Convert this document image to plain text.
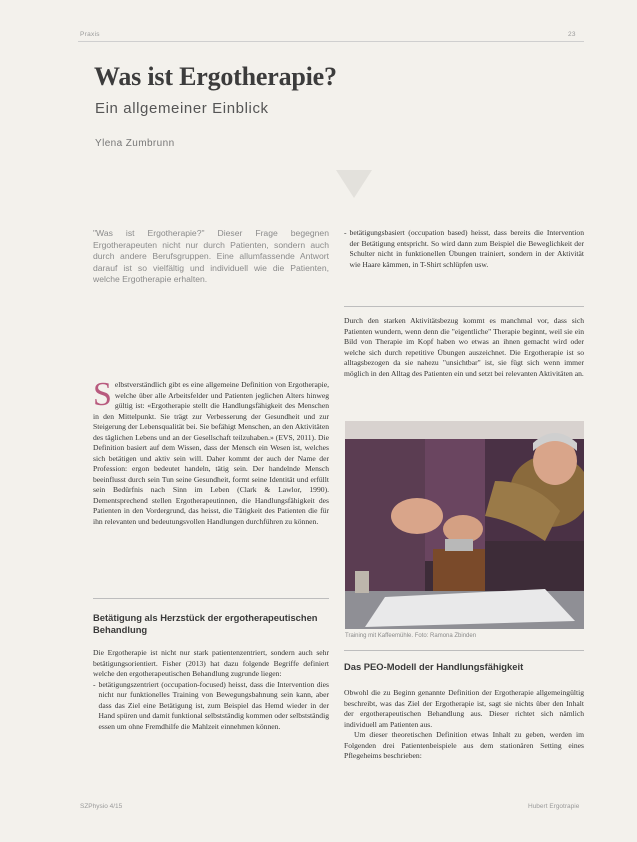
Praxis	23
Was ist Ergotherapie?
Ein allgemeiner Einblick
Ylena Zumbrunn
"Was ist Ergotherapie?" Dieser Frage begegnen Ergotherapeuten nicht nur durch Patienten, sondern auch durch andere Berufsgruppen. Eine allumfassende Antwort darauf ist so vielfältig und individuell wie die Patienten, welche Ergotherapie erhalten.
S elbstverständlich gibt es eine allgemeine Definition von Ergotherapie, welche über alle Arbeitsfelder und Patienten jeglichen Alters hinweg gültig ist: «Ergotherapie stellt die Handlungsfähigkeit des Menschen in den Mittelpunkt. Sie trägt zur Verbesserung der Gesundheit und zur Steigerung der Lebensqualität bei. Sie befähigt Menschen, an den Aktivitäten des täglichen Lebens und an der Gesellschaft teilzuhaben.» (EVS, 2011). Die Definition basiert auf dem Wissen, dass der Mensch ein Wesen ist, welches sich betätigen und aktiv sein will. Daher kommt der auch der Name der Profession: ergon bedeutet handeln, tätig sein. Der handelnde Mensch beeinflusst durch sein Tun seine Gesundheit, formt seine Identität und erfüllt sein Bedürfnis nach Sinn im Leben (Clark & Lawlor, 1990). Dementsprechend stellen Ergotherapeutinnen, die Handlungsfähigkeit des Patienten in den Vordergrund, das heisst, die Tätigkeit des Patienten die für ihn relevanten und bedeutungsvollen Handlungen durchführen zu können.
Betätigung als Herzstück der ergotherapeutischen Behandlung

Die Ergotherapie ist nicht nur stark patientenzentriert, sondern auch sehr betätigungsorientiert. Fisher (2013) hat dazu folgende Begriffe definiert welche den ergotherapeutischen Behandlung zugrunde liegen:

- betätigungszentriert (occupation-focused) heisst, dass die Intervention dies nicht nur funktionelles Training von Bewegungsbahnung sein kann, aber dass das Ziel eine Betätigung ist, zum Beispiel das Hemd wieder in der Hand spüren und damit funktional selbstständig kommen oder selbstständig essen um ohne Fremdhilfe die Mahlzeit einnehmen können.
- betätigungsbasiert (occupation based) heisst, dass bereits die Intervention der Betätigung entspricht. So wird dann zum Beispiel die Beweglichkeit der Schulter nicht in funktionellen Übungen trainiert, sondern in der Aktivität wie Haare kämmen, in T-Shirt schlüpfen usw.
Durch den starken Aktivitätsbezug kommt es manchmal vor, dass sich Patienten wundern, wenn denn die "eigentliche" Therapie beginnt, weil sie ein Bild von Therapie im Kopf haben wo etwas an ihnen gemacht wird oder welche sich durch repetitive Übungen auszeichnet. Die Ergotherapie ist so alltagsbezogen da sie nahezu "unsichtbar" ist, sie fügt sich wenn immer möglich in den Alltag des Patienten ein und setzt bei relevanten Aktivitäten an.
Training mit Kaffeemühle. Foto: Ramona Zbinden
Das PEO-Modell der Handlungsfähigkeit

Obwohl die zu Beginn genannte Definition der Ergotherapie allgemeingültig beschreibt, was das Ziel der Ergotherapie ist, sagt sie nichts über den Inhalt der ergotherapeutischen Behandlung aus. Dieser richtet sich nämlich individuell am Patienten aus.

Um dieser theoretischen Definition etwas Inhalt zu geben, werden im Folgenden drei Patientenbeispiele aus dem stationären Setting eines Pflegeheims beschrieben:

SZPhysio 4/15	Hubert Ergotrapie
